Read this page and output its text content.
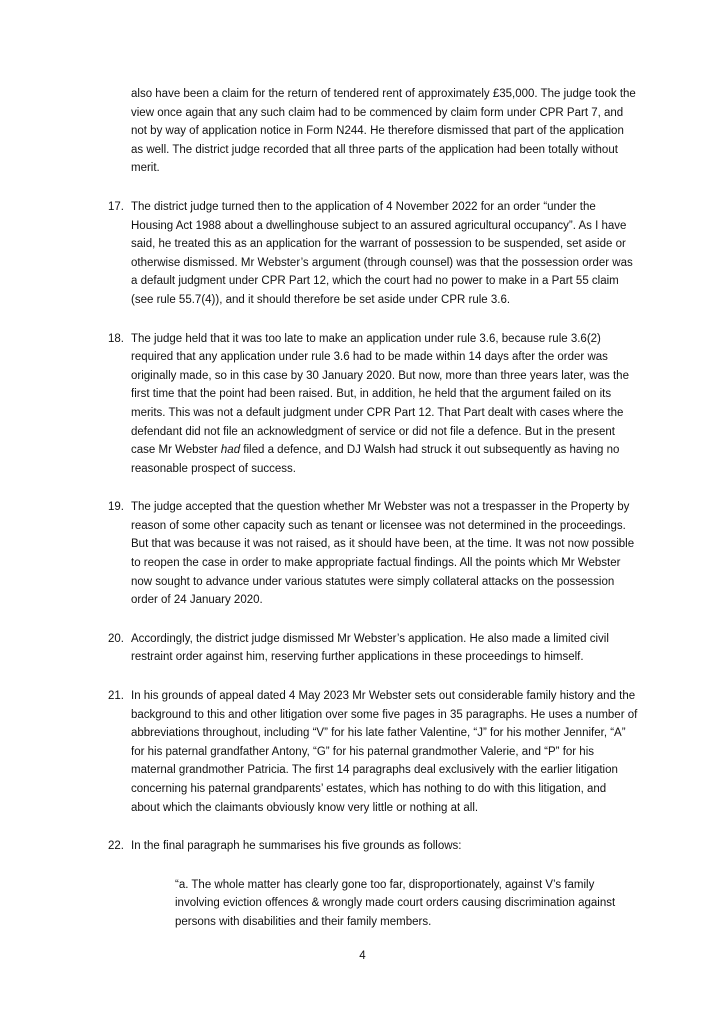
also have been a claim for the return of tendered rent of approximately £35,000. The judge took the view once again that any such claim had to be commenced by claim form under CPR Part 7, and not by way of application notice in Form N244. He therefore dismissed that part of the application as well. The district judge recorded that all three parts of the application had been totally without merit.
17. The district judge turned then to the application of 4 November 2022 for an order “under the Housing Act 1988 about a dwellinghouse subject to an assured agricultural occupancy”. As I have said, he treated this as an application for the warrant of possession to be suspended, set aside or otherwise dismissed. Mr Webster’s argument (through counsel) was that the possession order was a default judgment under CPR Part 12, which the court had no power to make in a Part 55 claim (see rule 55.7(4)), and it should therefore be set aside under CPR rule 3.6.
18. The judge held that it was too late to make an application under rule 3.6, because rule 3.6(2) required that any application under rule 3.6 had to be made within 14 days after the order was originally made, so in this case by 30 January 2020. But now, more than three years later, was the first time that the point had been raised. But, in addition, he held that the argument failed on its merits. This was not a default judgment under CPR Part 12. That Part dealt with cases where the defendant did not file an acknowledgment of service or did not file a defence. But in the present case Mr Webster had filed a defence, and DJ Walsh had struck it out subsequently as having no reasonable prospect of success.
19. The judge accepted that the question whether Mr Webster was not a trespasser in the Property by reason of some other capacity such as tenant or licensee was not determined in the proceedings. But that was because it was not raised, as it should have been, at the time. It was not now possible to reopen the case in order to make appropriate factual findings. All the points which Mr Webster now sought to advance under various statutes were simply collateral attacks on the possession order of 24 January 2020.
20. Accordingly, the district judge dismissed Mr Webster’s application. He also made a limited civil restraint order against him, reserving further applications in these proceedings to himself.
21. In his grounds of appeal dated 4 May 2023 Mr Webster sets out considerable family history and the background to this and other litigation over some five pages in 35 paragraphs. He uses a number of abbreviations throughout, including “V” for his late father Valentine, “J” for his mother Jennifer, “A” for his paternal grandfather Antony, “G” for his paternal grandmother Valerie, and “P” for his maternal grandmother Patricia. The first 14 paragraphs deal exclusively with the earlier litigation concerning his paternal grandparents’ estates, which has nothing to do with this litigation, and about which the claimants obviously know very little or nothing at all.
22. In the final paragraph he summarises his five grounds as follows:

“a. The whole matter has clearly gone too far, disproportionately, against V’s family involving eviction offences & wrongly made court orders causing discrimination against persons with disabilities and their family members.

4
